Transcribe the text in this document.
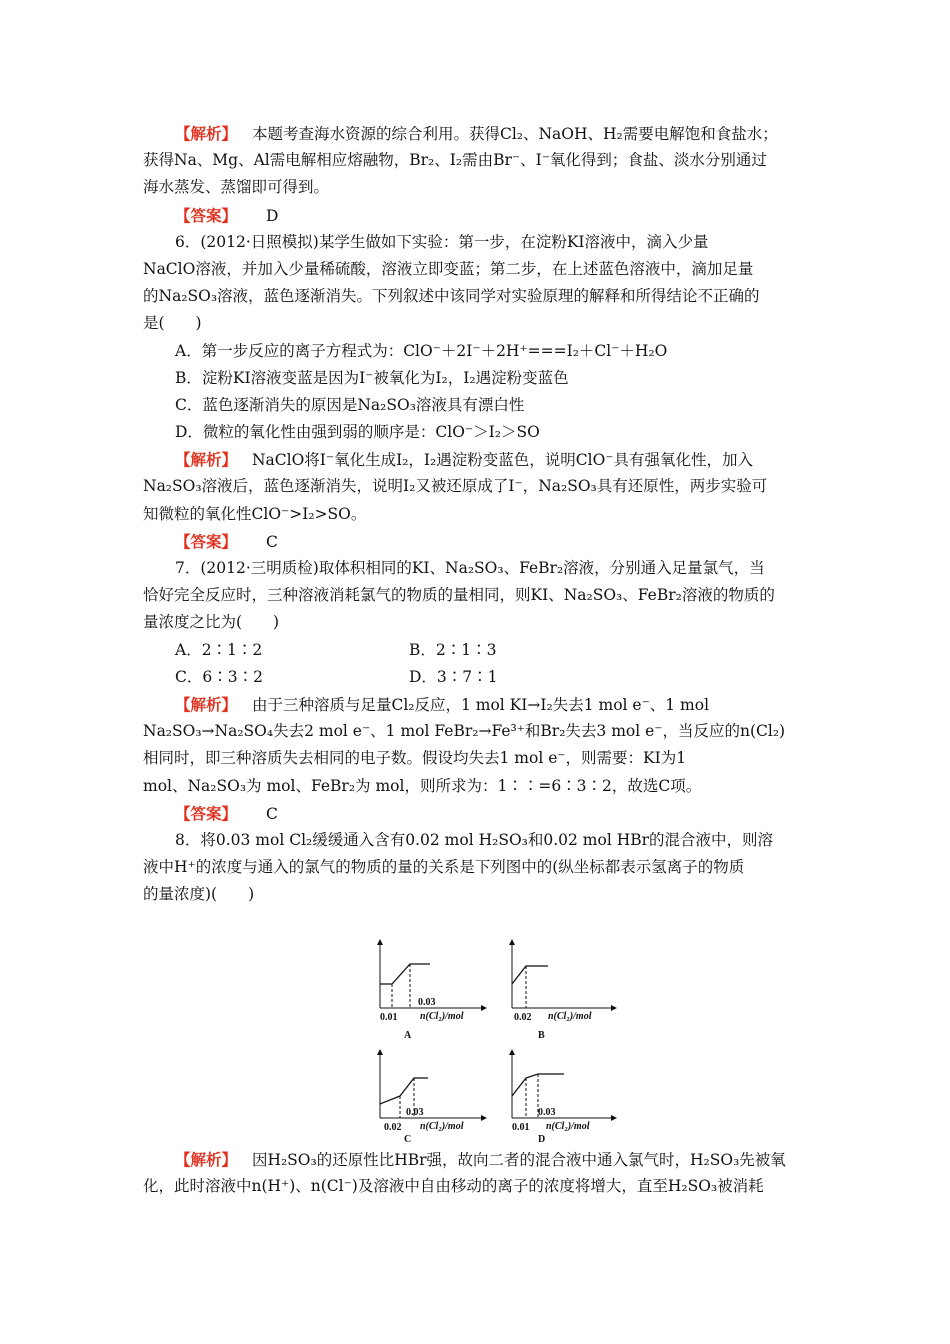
【解析】 本题考查海水资源的综合利用。获得Cl₂、NaOH、H₂需要电解饱和食盐水；
获得Na、Mg、Al需电解相应熔融物，Br₂、I₂需由Br⁻、I⁻氧化得到；食盐、淡水分别通过
海水蒸发、蒸馏即可得到。
【答案】 D
6．(2012·日照模拟)某学生做如下实验：第一步，在淀粉KI溶液中，滴入少量
NaClO溶液，并加入少量稀硫酸，溶液立即变蓝；第二步，在上述蓝色溶液中，滴加足量
的Na₂SO₃溶液，蓝色逐渐消失。下列叙述中该同学对实验原理的解释和所得结论不正确的
是(　　)
A．第一步反应的离子方程式为：ClO⁻＋2I⁻＋2H⁺===I₂＋Cl⁻＋H₂O
B．淀粉KI溶液变蓝是因为I⁻被氧化为I₂，I₂遇淀粉变蓝色
C．蓝色逐渐消失的原因是Na₂SO₃溶液具有漂白性
D．微粒的氧化性由强到弱的顺序是：ClO⁻＞I₂＞SO
【解析】 NaClO将I⁻氧化生成I₂，I₂遇淀粉变蓝色，说明ClO⁻具有强氧化性，加入
Na₂SO₃溶液后，蓝色逐渐消失，说明I₂又被还原成了I⁻，Na₂SO₃具有还原性，两步实验可
知微粒的氧化性ClO⁻>I₂>SO。
【答案】 C
7．(2012·三明质检)取体积相同的KI、Na₂SO₃、FeBr₂溶液，分别通入足量氯气，当
恰好完全反应时，三种溶液消耗氯气的物质的量相同，则KI、Na₂SO₃、FeBr₂溶液的物质的
量浓度之比为(　　)
A．2∶1∶2	B．2∶1∶3
C．6∶3∶2	D．3∶7∶1
【解析】 由于三种溶质与足量Cl₂反应，1 mol KI→I₂失去1 mol e⁻、1 mol
Na₂SO₃→Na₂SO₄失去2 mol e⁻、1 mol FeBr₂→Fe³⁺和Br₂失去3 mol e⁻，当反应的n(Cl₂)
相同时，即三种溶质失去相同的电子数。假设均失去1 mol e⁻，则需要：KI为1
mol、Na₂SO₃为 mol、FeBr₂为 mol，则所求为：1∶∶=6∶3∶2，故选C项。
【答案】 C
8．将0.03 mol Cl₂缓缓通入含有0.02 mol H₂SO₃和0.02 mol HBr的混合液中，则溶
液中H⁺的浓度与通入的氯气的物质的量的关系是下列图中的(纵坐标都表示氢离子的物质
的量浓度)(　　)
0.01
0.03
n(Cl₂)/mol
A
0.02 n(Cl₂)/mol
B
0.02
0.03
n(Cl₂)/mol
C
0.01
0.03
n(Cl₂)/mol
D
【解析】 因H₂SO₃的还原性比HBr强，故向二者的混合液中通入氯气时，H₂SO₃先被氧
化，此时溶液中n(H⁺)、n(Cl⁻)及溶液中自由移动的离子的浓度将增大，直至H₂SO₃被消耗
